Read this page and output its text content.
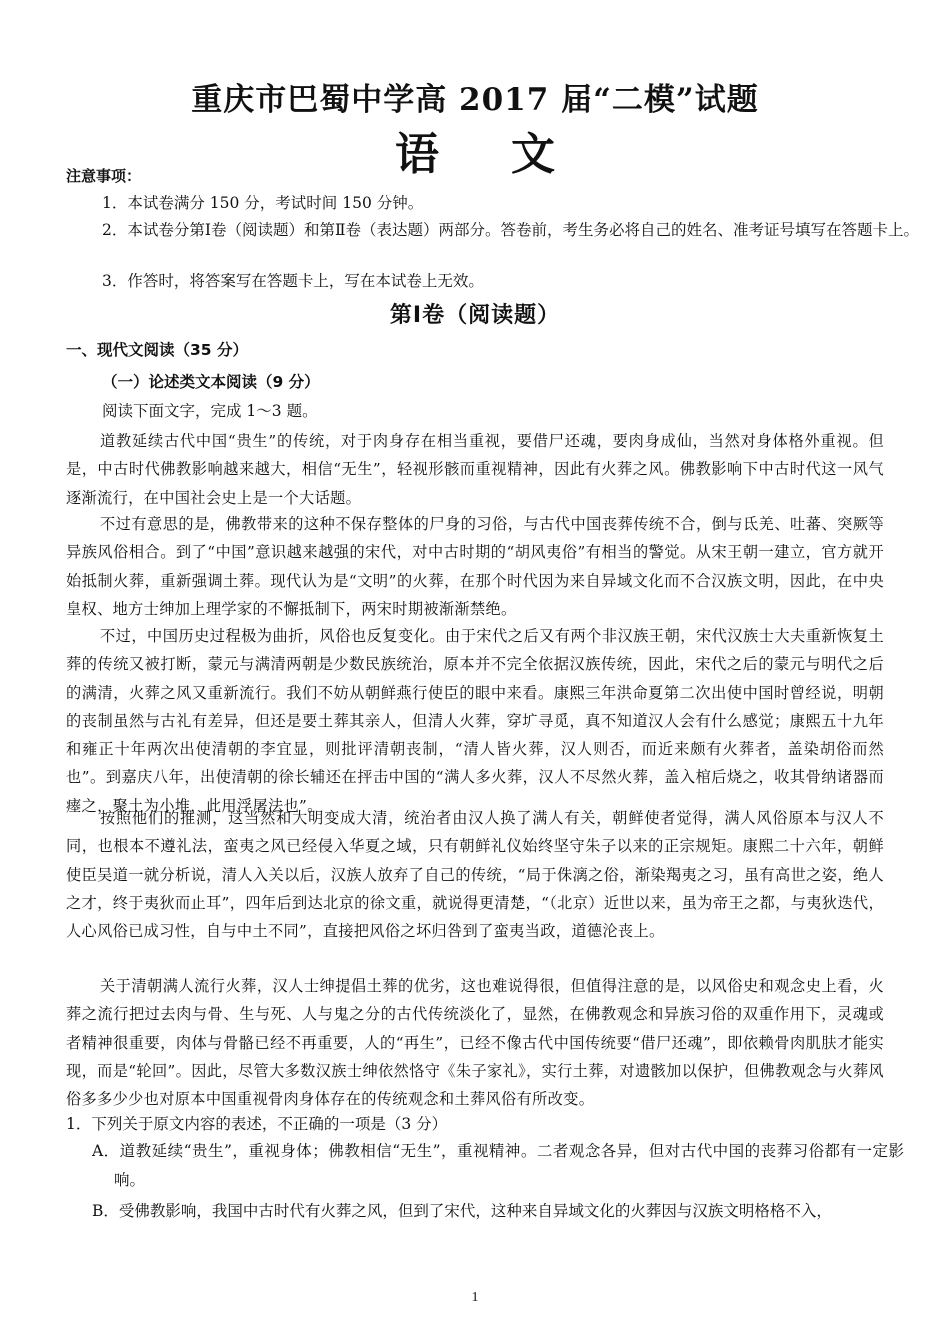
重庆市巴蜀中学高 2017 届“二模”试题
语 文
注意事项：
1．本试卷满分 150 分，考试时间 150 分钟。
2．本试卷分第Ⅰ卷（阅读题）和第Ⅱ卷（表达题）两部分。答卷前，考生务必将自己的姓名、准考证号填写在答题卡上。
3．作答时，将答案写在答题卡上，写在本试卷上无效。
第Ⅰ卷（阅读题）
一、现代文阅读（35 分）
（一）论述类文本阅读（9 分）
阅读下面文字，完成 1～3 题。
道教延续古代中国“贵生”的传统，对于肉身存在相当重视，要借尸还魂，要肉身成仙，当然对身体格外重视。但是，中古时代佛教影响越来越大，相信“无生”，轻视形骸而重视精神，因此有火葬之风。佛教影响下中古时代这一风气逐渐流行，在中国社会史上是一个大话题。
不过有意思的是，佛教带来的这种不保存整体的尸身的习俗，与古代中国丧葬传统不合，倒与氐羌、吐蕃、突厥等异族风俗相合。到了“中国”意识越来越强的宋代，对中古时期的“胡风夷俗”有相当的警觉。从宋王朝一建立，官方就开始抵制火葬，重新强调土葬。现代认为是“文明”的火葬，在那个时代因为来自异域文化而不合汉族文明，因此，在中央皇权、地方士绅加上理学家的不懈抵制下，两宋时期被渐渐禁绝。
不过，中国历史过程极为曲折，风俗也反复变化。由于宋代之后又有两个非汉族王朝，宋代汉族士大夫重新恢复土葬的传统又被打断，蒙元与满清两朝是少数民族统治，原本并不完全依据汉族传统，因此，宋代之后的蒙元与明代之后的满清，火葬之风又重新流行。我们不妨从朝鲜燕行使臣的眼中来看。康熙三年洪命夏第二次出使中国时曾经说，明朝的丧制虽然与古礼有差异，但还是要土葬其亲人，但清人火葬，穿圹寻觅，真不知道汉人会有什么感觉；康熙五十九年和雍正十年两次出使清朝的李宜显，则批评清朝丧制，“清人皆火葬，汉人则否，而近来颇有火葬者，盖染胡俗而然也”。到嘉庆八年，出使清朝的徐长辅还在抨击中国的“满人多火葬，汉人不尽然火葬，盖入棺后烧之，收其骨纳诸器而瘗之，聚土为小堆，此用浮屠法也”。
按照他们的推测，这当然和大明变成大清，统治者由汉人换了满人有关，朝鲜使者觉得，满人风俗原本与汉人不同，也根本不遵礼法，蛮夷之风已经侵入华夏之域，只有朝鲜礼仪始终坚守朱子以来的正宗规矩。康熙二十六年，朝鲜使臣吴道一就分析说，清人入关以后，汉族人放弃了自己的传统，“局于侏漓之俗，渐染羯夷之习，虽有高世之姿，绝人之才，终于夷狄而止耳”，四年后到达北京的徐文重，就说得更清楚，“（北京）近世以来，虽为帝王之都，与夷狄迭代，人心风俗已成习性，自与中土不同”，直接把风俗之坏归咎到了蛮夷当政，道德沦丧上。
关于清朝满人流行火葬，汉人士绅提倡土葬的优劣，这也难说得很，但值得注意的是，以风俗史和观念史上看，火葬之流行把过去肉与骨、生与死、人与鬼之分的古代传统淡化了，显然，在佛教观念和异族习俗的双重作用下，灵魂或者精神很重要，肉体与骨骼已经不再重要，人的“再生”，已经不像古代中国传统要“借尸还魂”，即依赖骨肉肌肤才能实现，而是“轮回”。因此，尽管大多数汉族士绅依然恪守《朱子家礼》，实行土葬，对遗骸加以保护，但佛教观念与火葬风俗多多少少也对原本中国重视骨肉身体存在的传统观念和土葬风俗有所改变。
1．下列关于原文内容的表述，不正确的一项是（3 分）
A．道教延续“贵生”，重视身体；佛教相信“无生”，重视精神。二者观念各异，但对古代中国的丧葬习俗都有一定影响。
B．受佛教影响，我国中古时代有火葬之风，但到了宋代，这种来自异域文化的火葬因与汉族文明格格不入，
1
